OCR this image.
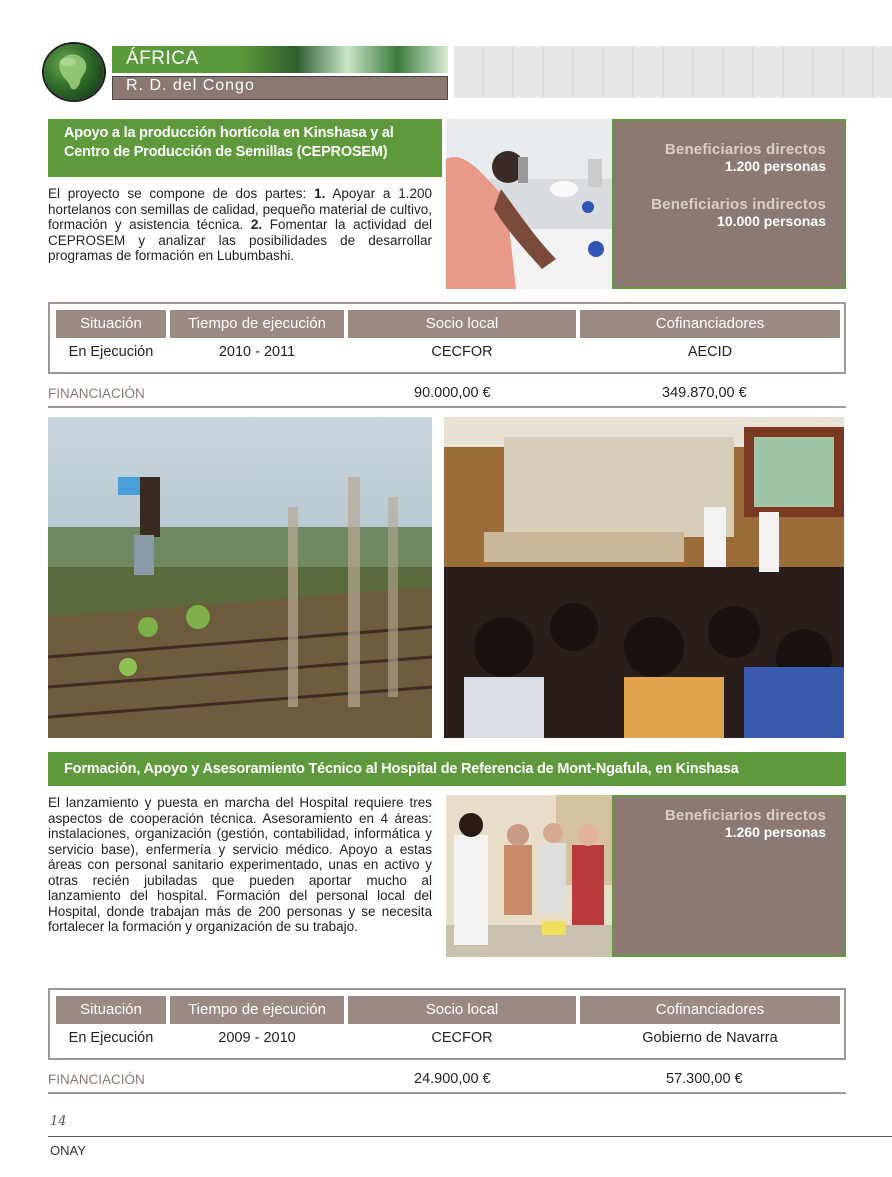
ÁFRICA
R. D. del Congo
Apoyo a la producción hortícola en Kinshasa y al
Centro de Producción de Semillas (CEPROSEM)
El proyecto se compone de dos partes: 1. Apoyar a 1.200 hortelanos con semillas de calidad, pequeño material de cultivo, formación y asistencia técnica. 2. Fomentar la actividad del CEPROSEM y analizar las posibilidades de desarrollar programas de formación en Lubumbashi.
Beneficiarios directos
1.200 personas
Beneficiarios indirectos
10.000 personas
Situación	Tiempo de ejecución	Socio local	Cofinanciadores
En Ejecución	2010 - 2011	CECFOR	AECID
FINANCIACIÓN	90.000,00 €	349.870,00 €
Formación, Apoyo y Asesoramiento Técnico al Hospital de Referencia de Mont-Ngafula, en Kinshasa
El lanzamiento y puesta en marcha del Hospital requiere tres aspectos de cooperación técnica. Asesoramiento en 4 áreas: instalaciones, organización (gestión, contabilidad, informática y servicio base), enfermería y servicio médico. Apoyo a estas áreas con personal sanitario experimentado, unas en activo y otras recién jubiladas que pueden aportar mucho al lanzamiento del hospital. Formación del personal local del Hospital, donde trabajan más de 200 personas y se necesita fortalecer la formación y organización de su trabajo.
Beneficiarios directos
1.260 personas
Situación	Tiempo de ejecución	Socio local	Cofinanciadores
En Ejecución	2009 - 2010	CECFOR	Gobierno de Navarra
FINANCIACIÓN	24.900,00 €	57.300,00 €
14
ONAY
